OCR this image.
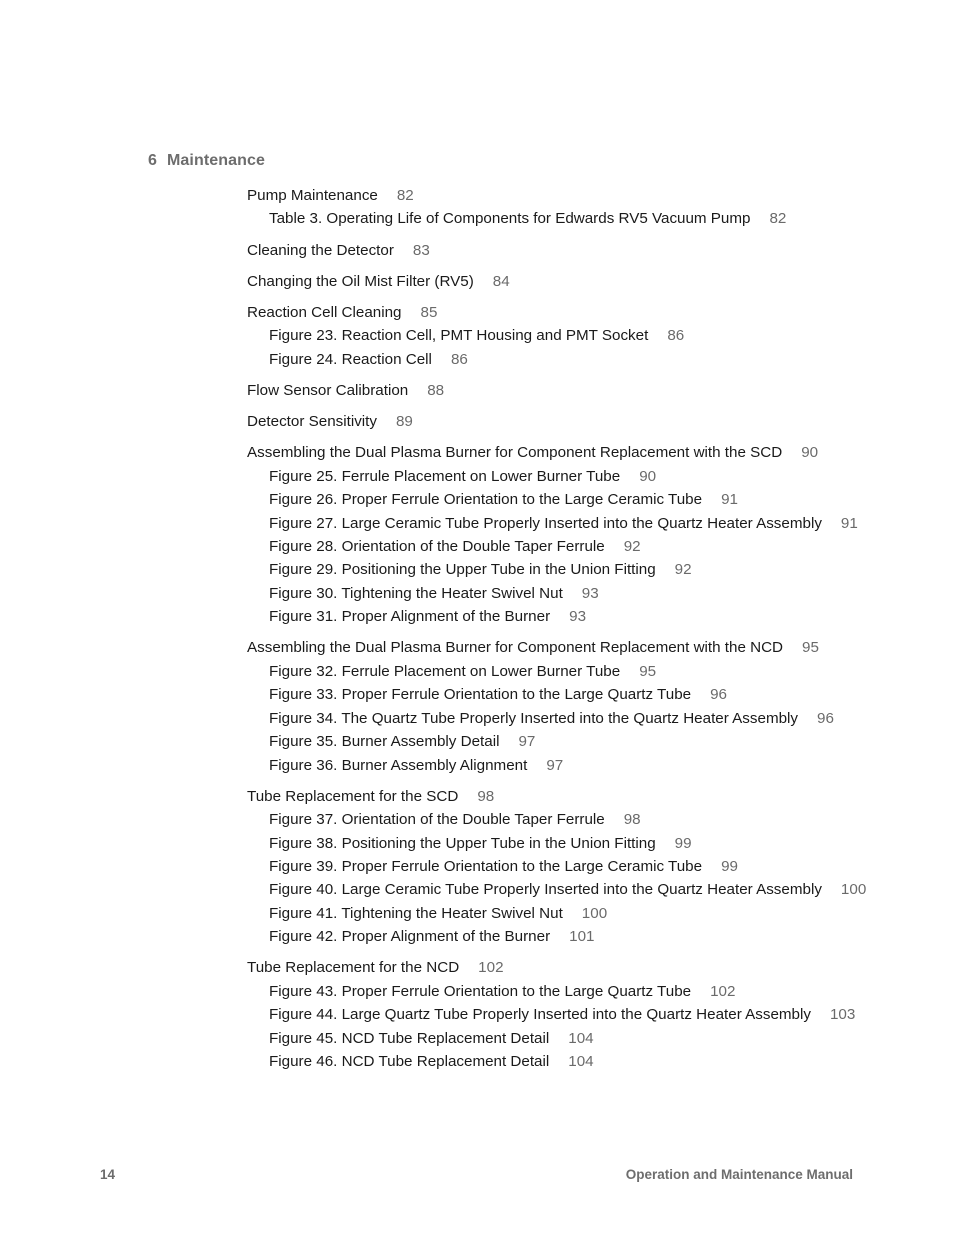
6 Maintenance
Pump Maintenance 82
Table 3. Operating Life of Components for Edwards RV5 Vacuum Pump 82
Cleaning the Detector 83
Changing the Oil Mist Filter (RV5) 84
Reaction Cell Cleaning 85
Figure 23. Reaction Cell, PMT Housing and PMT Socket 86
Figure 24. Reaction Cell 86
Flow Sensor Calibration 88
Detector Sensitivity 89
Assembling the Dual Plasma Burner for Component Replacement with the SCD 90
Figure 25. Ferrule Placement on Lower Burner Tube 90
Figure 26. Proper Ferrule Orientation to the Large Ceramic Tube 91
Figure 27. Large Ceramic Tube Properly Inserted into the Quartz Heater Assembly 91
Figure 28. Orientation of the Double Taper Ferrule 92
Figure 29. Positioning the Upper Tube in the Union Fitting 92
Figure 30. Tightening the Heater Swivel Nut 93
Figure 31. Proper Alignment of the Burner 93
Assembling the Dual Plasma Burner for Component Replacement with the NCD 95
Figure 32. Ferrule Placement on Lower Burner Tube 95
Figure 33. Proper Ferrule Orientation to the Large Quartz Tube 96
Figure 34. The Quartz Tube Properly Inserted into the Quartz Heater Assembly 96
Figure 35. Burner Assembly Detail 97
Figure 36. Burner Assembly Alignment 97
Tube Replacement for the SCD 98
Figure 37. Orientation of the Double Taper Ferrule 98
Figure 38. Positioning the Upper Tube in the Union Fitting 99
Figure 39. Proper Ferrule Orientation to the Large Ceramic Tube 99
Figure 40. Large Ceramic Tube Properly Inserted into the Quartz Heater Assembly 100
Figure 41. Tightening the Heater Swivel Nut 100
Figure 42. Proper Alignment of the Burner 101
Tube Replacement for the NCD 102
Figure 43. Proper Ferrule Orientation to the Large Quartz Tube 102
Figure 44. Large Quartz Tube Properly Inserted into the Quartz Heater Assembly 103
Figure 45. NCD Tube Replacement Detail 104
Figure 46. NCD Tube Replacement Detail 104
14	Operation and Maintenance Manual
